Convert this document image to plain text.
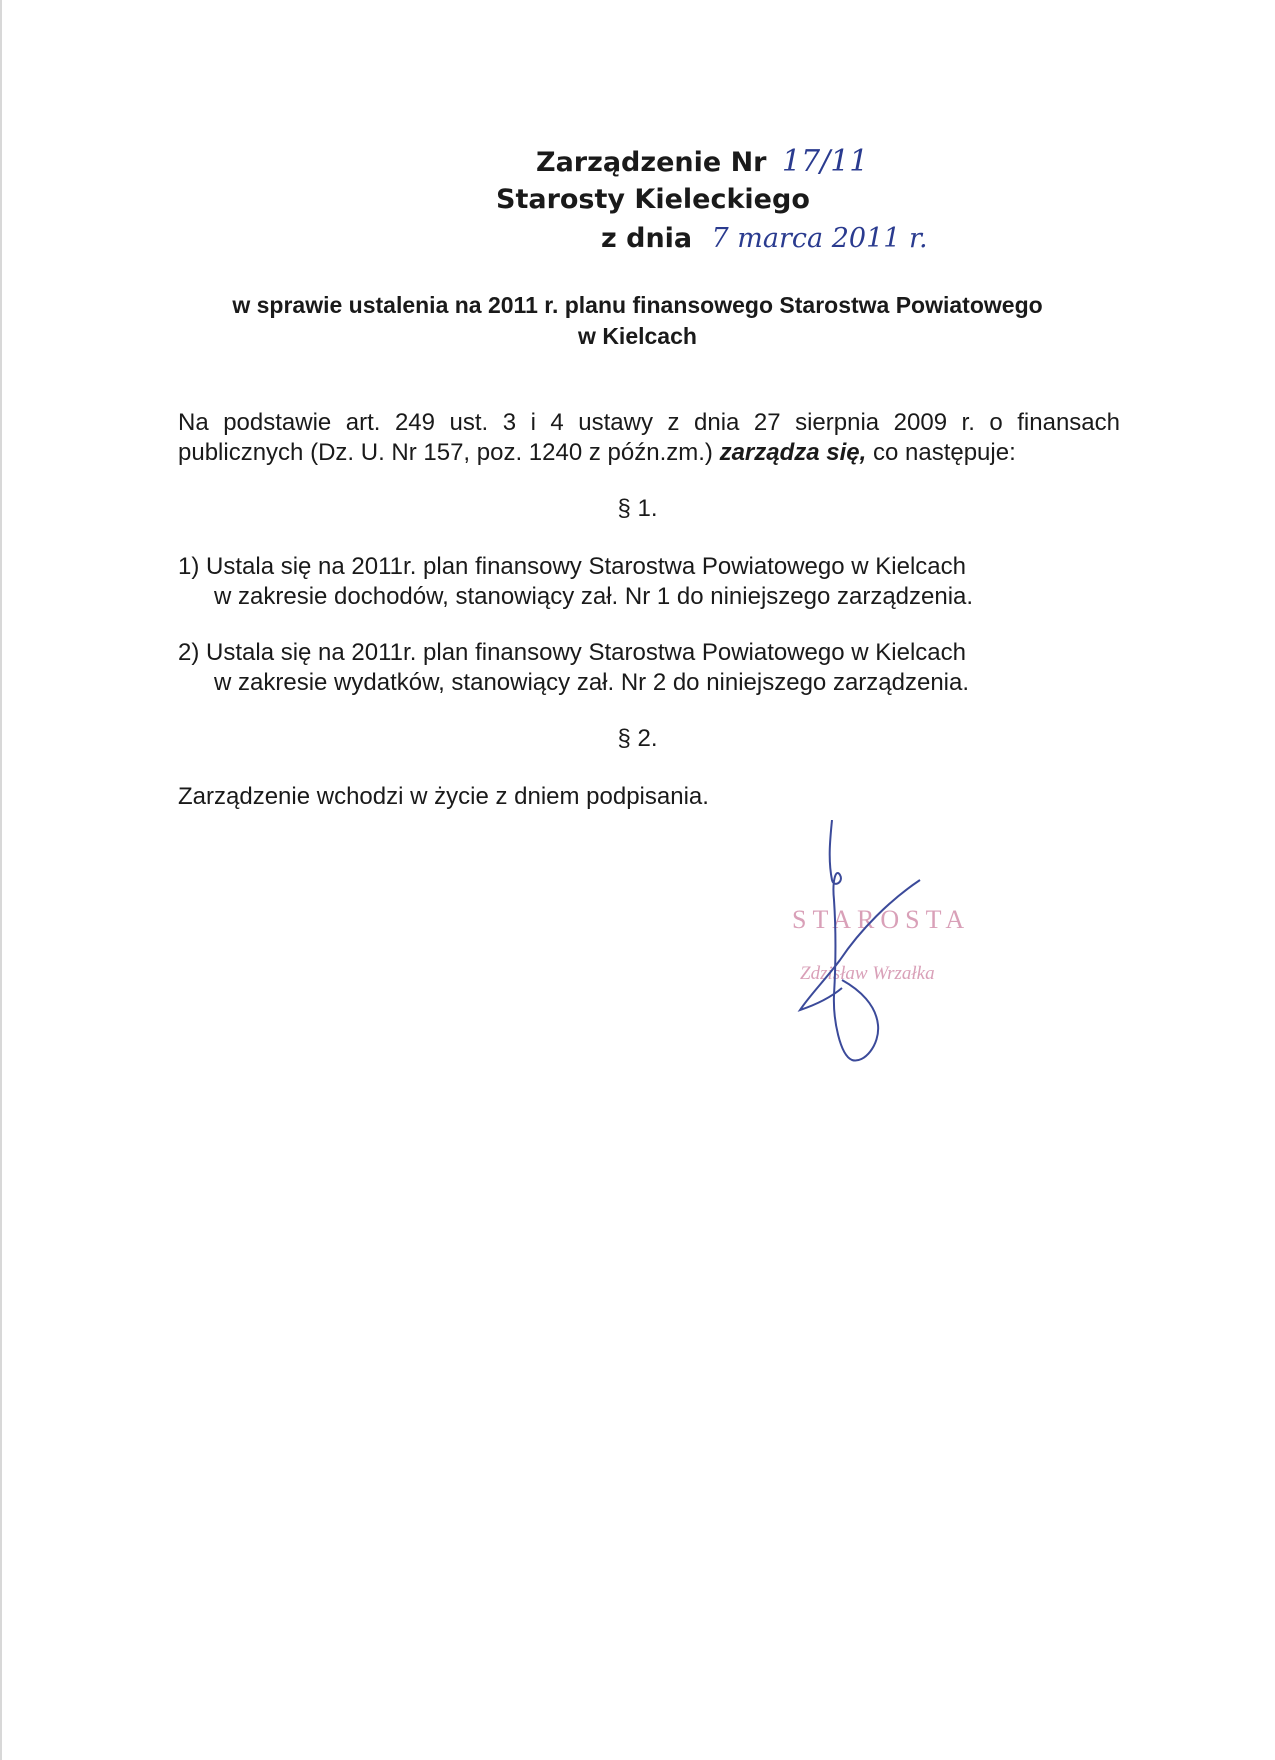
Zarządzenie Nr 17/11
Starosty Kieleckiego
z dnia 7 marca 2011 r.
w sprawie ustalenia na 2011 r. planu finansowego Starostwa Powiatowego
w Kielcach
Na podstawie art. 249 ust. 3 i 4 ustawy z dnia 27 sierpnia 2009 r. o finansach
publicznych (Dz. U. Nr 157, poz. 1240 z późn.zm.) zarządza się, co następuje:
§ 1.
1) Ustala się na 2011r. plan finansowy Starostwa Powiatowego w Kielcach
w zakresie dochodów, stanowiący zał. Nr 1 do niniejszego zarządzenia.
2) Ustala się na 2011r. plan finansowy Starostwa Powiatowego w Kielcach
w zakresie wydatków, stanowiący zał. Nr 2 do niniejszego zarządzenia.
§ 2.
Zarządzenie wchodzi w życie z dniem podpisania.
STAROSTA
Zdzisław Wrzałka
